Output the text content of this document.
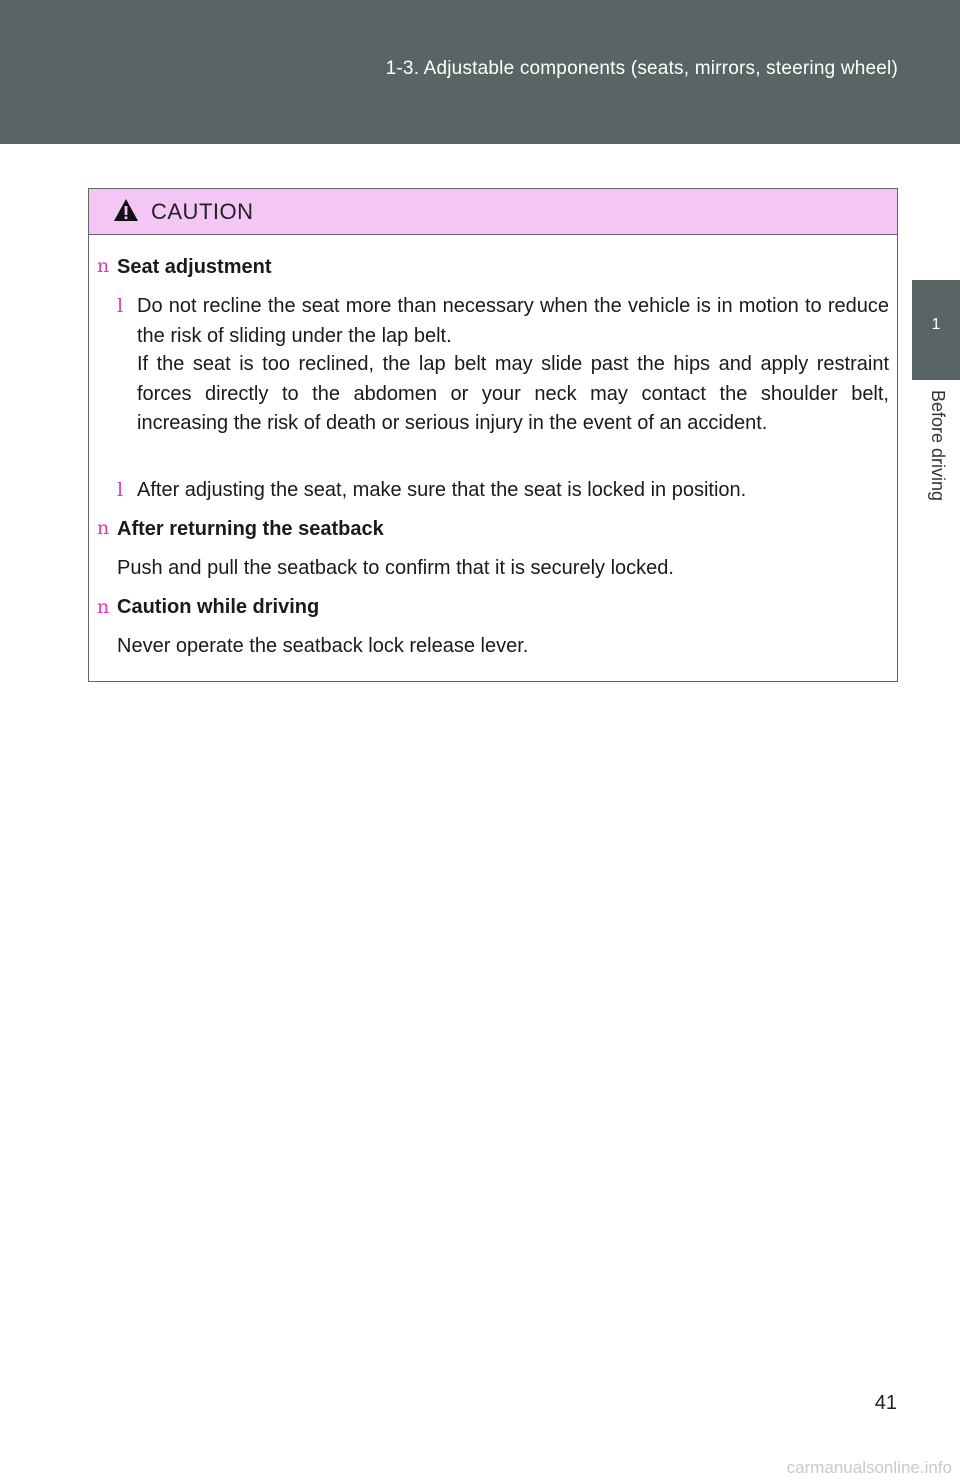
1-3. Adjustable components (seats, mirrors, steering wheel)
1
Before driving
CAUTION
n Seat adjustment
l Do not recline the seat more than necessary when the vehicle is in motion to reduce the risk of sliding under the lap belt.
If the seat is too reclined, the lap belt may slide past the hips and apply restraint forces directly to the abdomen or your neck may contact the shoulder belt, increasing the risk of death or serious injury in the event of an accident.
l After adjusting the seat, make sure that the seat is locked in position.
n After returning the seatback
Push and pull the seatback to confirm that it is securely locked.
n Caution while driving
Never operate the seatback lock release lever.
41
carmanualsonline.info
